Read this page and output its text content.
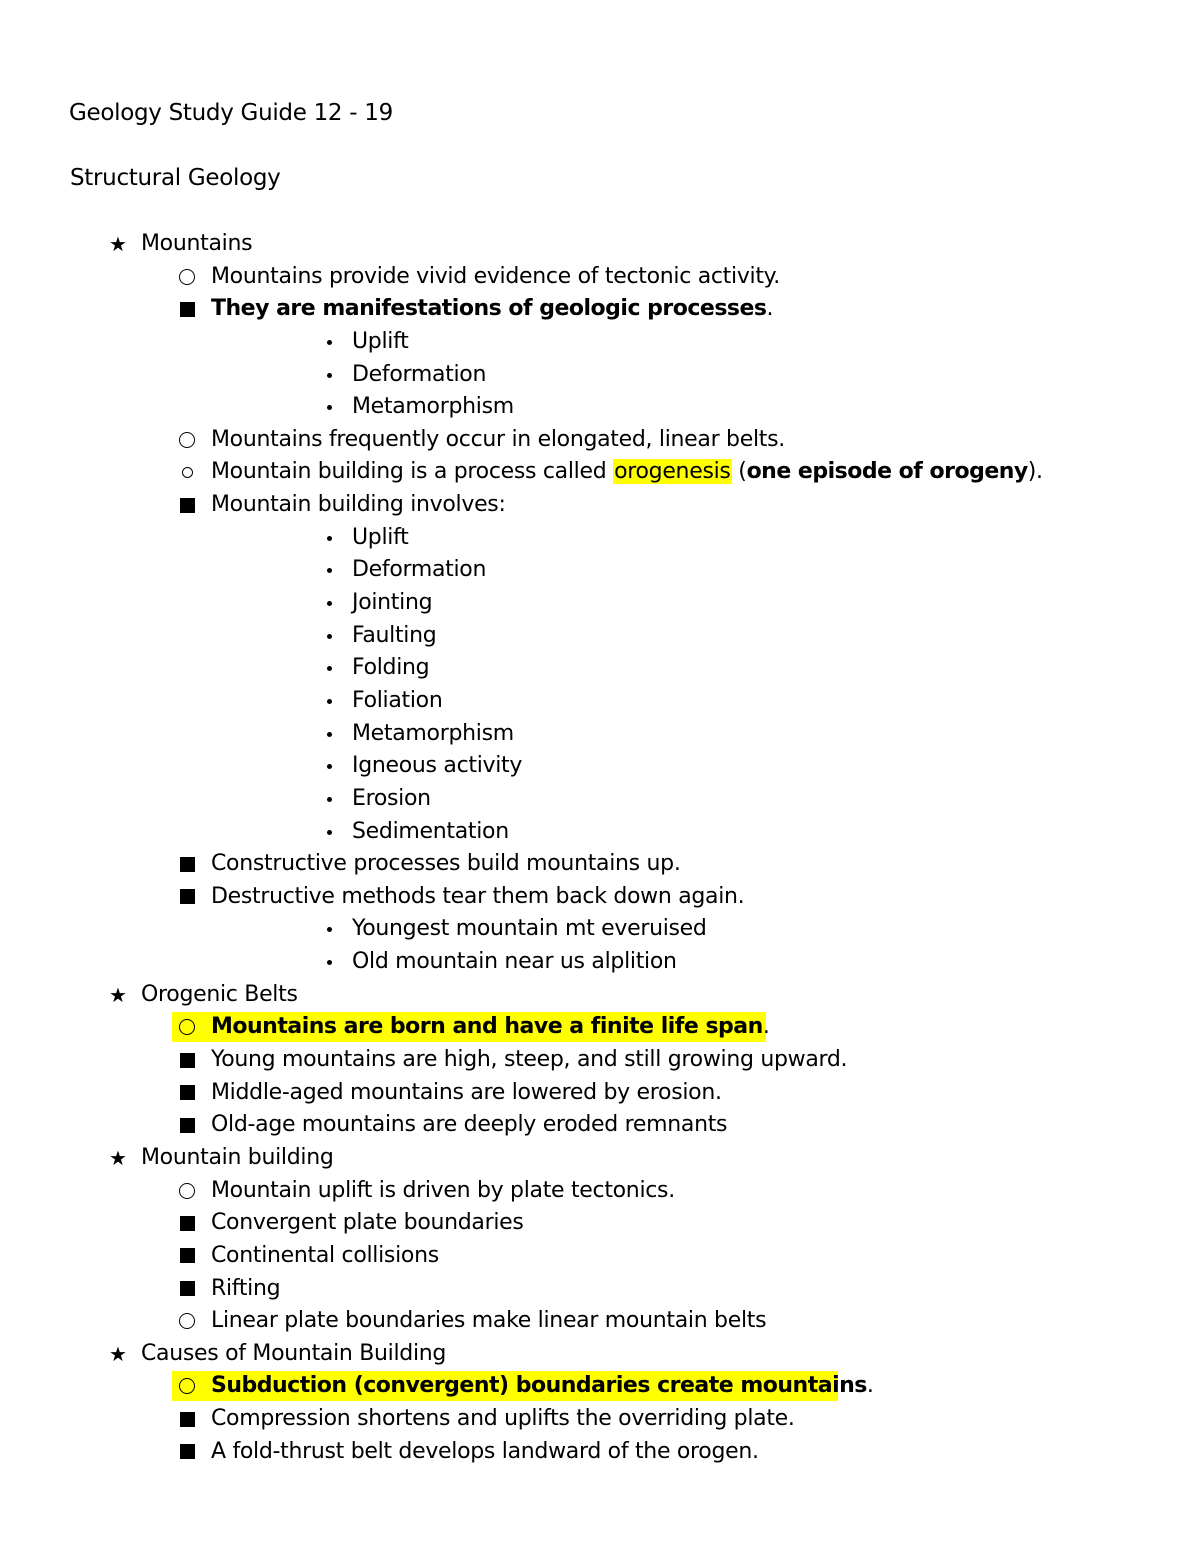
Geology Study Guide 12 - 19
Structural Geology
★ Mountains
Mountains provide vivid evidence of tectonic activity.
They are manifestations of geologic processes.
Uplift
Deformation
Metamorphism
Mountains frequently occur in elongated, linear belts.
Mountain building is a process called orogenesis (one episode of orogeny).
Mountain building involves:
Uplift
Deformation
Jointing
Faulting
Folding
Foliation
Metamorphism
Igneous activity
Erosion
Sedimentation
Constructive processes build mountains up.
Destructive methods tear them back down again.
Youngest mountain mt everuised
Old mountain near us alplition
★ Orogenic Belts
Mountains are born and have a finite life span.
Young mountains are high, steep, and still growing upward.
Middle-aged mountains are lowered by erosion.
Old-age mountains are deeply eroded remnants
★ Mountain building
Mountain uplift is driven by plate tectonics.
Convergent plate boundaries
Continental collisions
Rifting
Linear plate boundaries make linear mountain belts
★ Causes of Mountain Building
Subduction (convergent) boundaries create mountains.
Compression shortens and uplifts the overriding plate.
A fold-thrust belt develops landward of the orogen.
